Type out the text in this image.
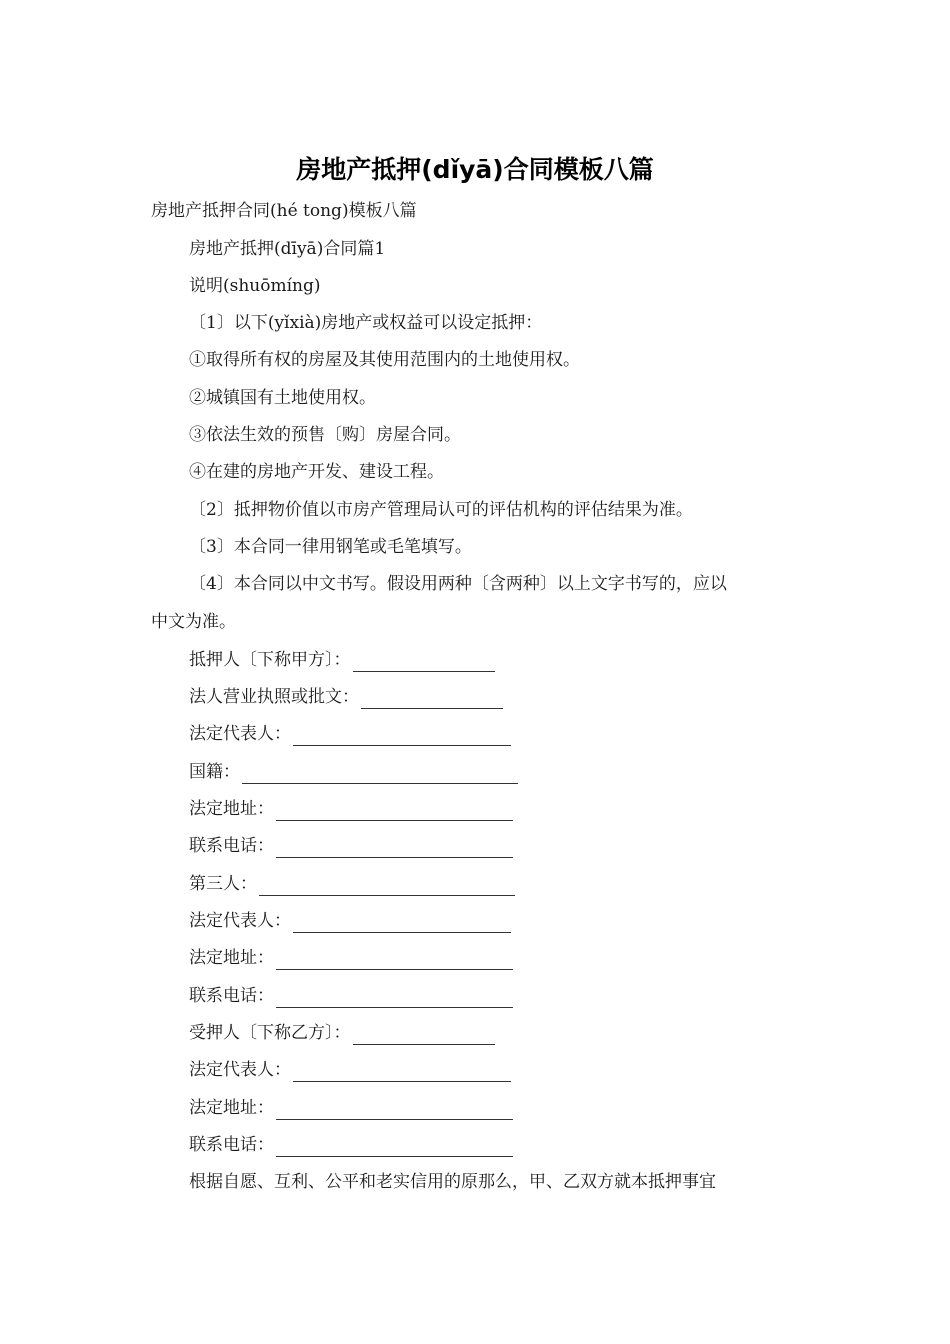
房地产抵押(dǐyā)合同模板八篇
房地产抵押合同(hé tong)模板八篇
房地产抵押(dīyā)合同篇1
说明(shuōmíng)
〔1〕以下(yǐxià)房地产或权益可以设定抵押：
①取得所有权的房屋及其使用范围内的土地使用权。
②城镇国有土地使用权。
③依法生效的预售〔购〕房屋合同。
④在建的房地产开发、建设工程。
〔2〕抵押物价值以市房产管理局认可的评估机构的评估结果为准。
〔3〕本合同一律用钢笔或毛笔填写。
〔4〕本合同以中文书写。假设用两种〔含两种〕以上文字书写的，应以
中文为准。
抵押人〔下称甲方〕：
法人营业执照或批文：
法定代表人：
国籍：
法定地址：
联系电话：
第三人：
法定代表人：
法定地址：
联系电话：
受押人〔下称乙方〕：
法定代表人：
法定地址：
联系电话：
根据自愿、互利、公平和老实信用的原那么，甲、乙双方就本抵押事宜
